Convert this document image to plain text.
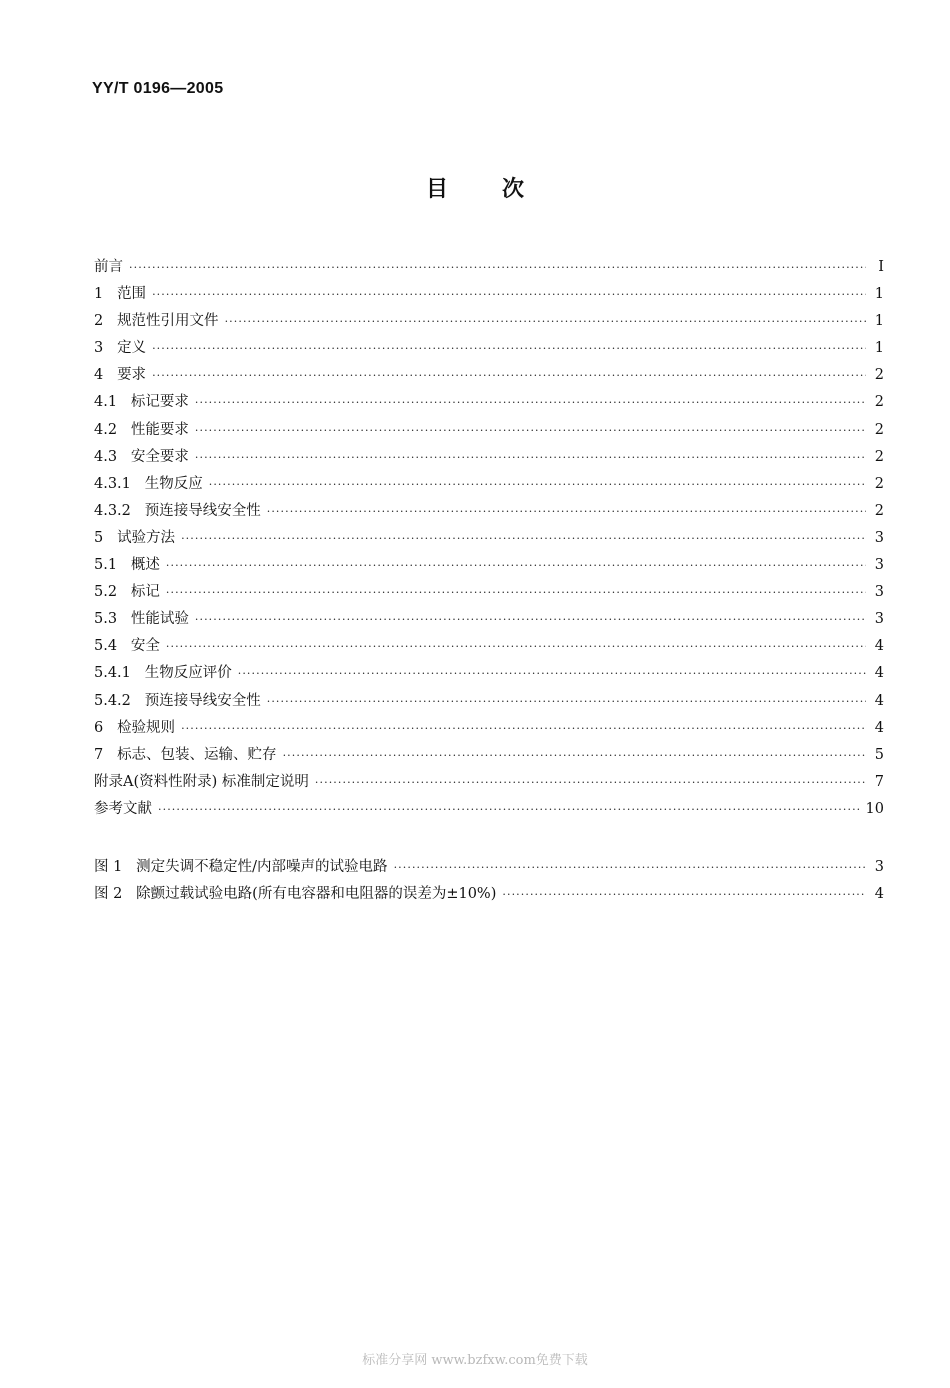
YY/T 0196—2005
目次
前言 ·····	I
1 范围 ·····	1
2 规范性引用文件 ·····	1
3 定义 ·····	1
4 要求 ·····	2
4.1 标记要求 ·····	2
4.2 性能要求 ·····	2
4.3 安全要求 ·····	2
4.3.1 生物反应 ·····	2
4.3.2 预连接导线安全性 ·····	2
5 试验方法 ·····	3
5.1 概述 ·····	3
5.2 标记 ·····	3
5.3 性能试验 ·····	3
5.4 安全 ·····	4
5.4.1 生物反应评价 ·····	4
5.4.2 预连接导线安全性 ·····	4
6 检验规则 ·····	4
7 标志、包装、运输、贮存 ·····	5
附录A(资料性附录) 标准制定说明 ·····	7
参考文献 ·····	10
图 1 测定失调不稳定性/内部噪声的试验电路 ·····	3
图 2 除颤过载试验电路(所有电容器和电阻器的误差为±10%) ·····	4
标准分享网 www.bzfxw.com免费下载
